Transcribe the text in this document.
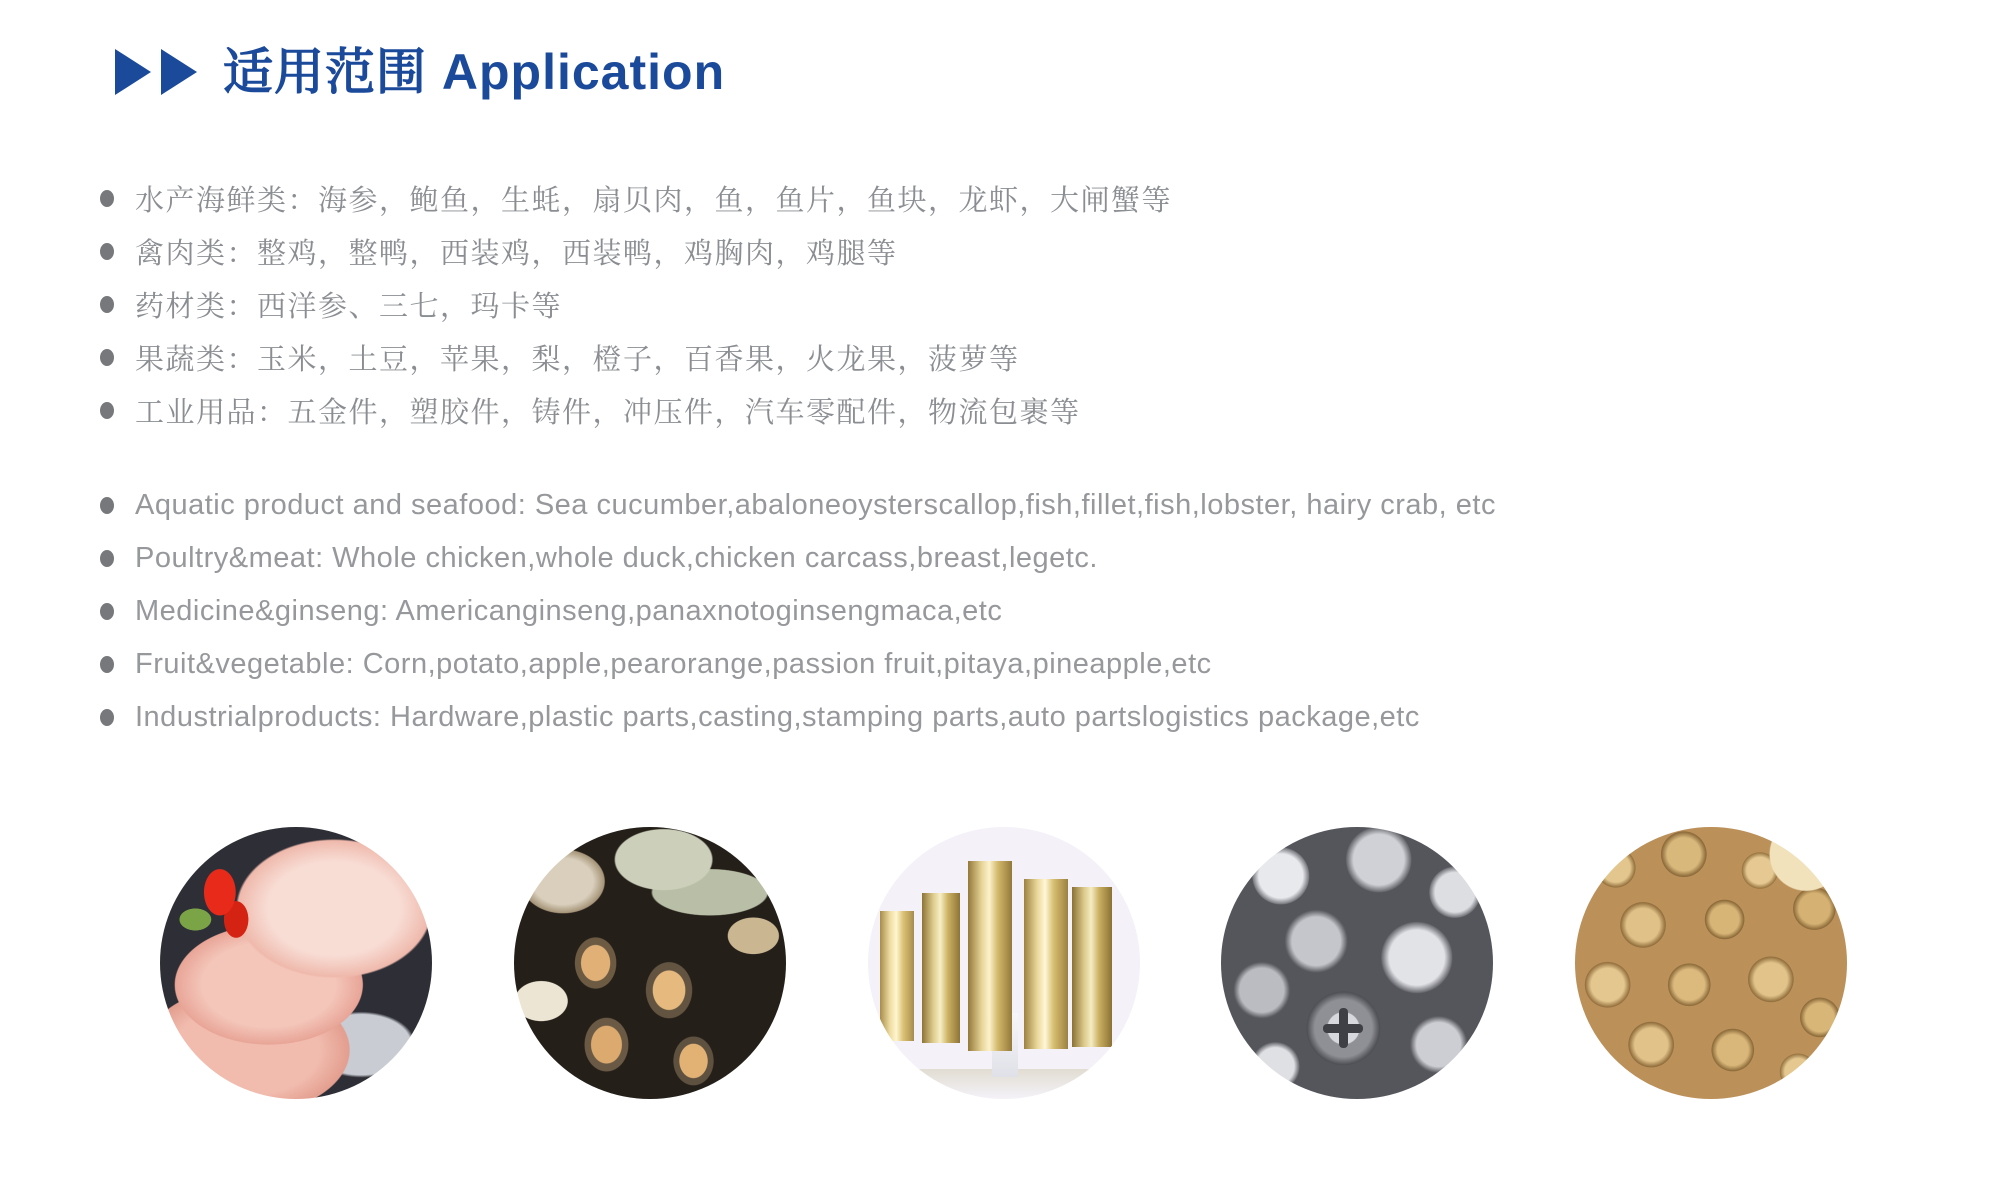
适用范围 Application
水产海鲜类：海参，鲍鱼，生蚝，扇贝肉，鱼，鱼片，鱼块，龙虾，大闸蟹等
禽肉类：整鸡，整鸭，西装鸡，西装鸭，鸡胸肉，鸡腿等
药材类：西洋参、三七，玛卡等
果蔬类：玉米，土豆，苹果，梨，橙子，百香果，火龙果，菠萝等
工业用品：五金件，塑胶件，铸件，冲压件，汽车零配件，物流包裹等
Aquatic product and seafood: Sea cucumber,abaloneoysterscallop,fish,fillet,fish,lobster, hairy crab, etc
Poultry&meat: Whole chicken,whole duck,chicken carcass,breast,legetc.
Medicine&ginseng: Americanginseng,panaxnotoginsengmaca,etc
Fruit&vegetable: Corn,potato,apple,pearorange,passion fruit,pitaya,pineapple,etc
Industrialproducts: Hardware,plastic parts,casting,stamping parts,auto partslogistics package,etc
